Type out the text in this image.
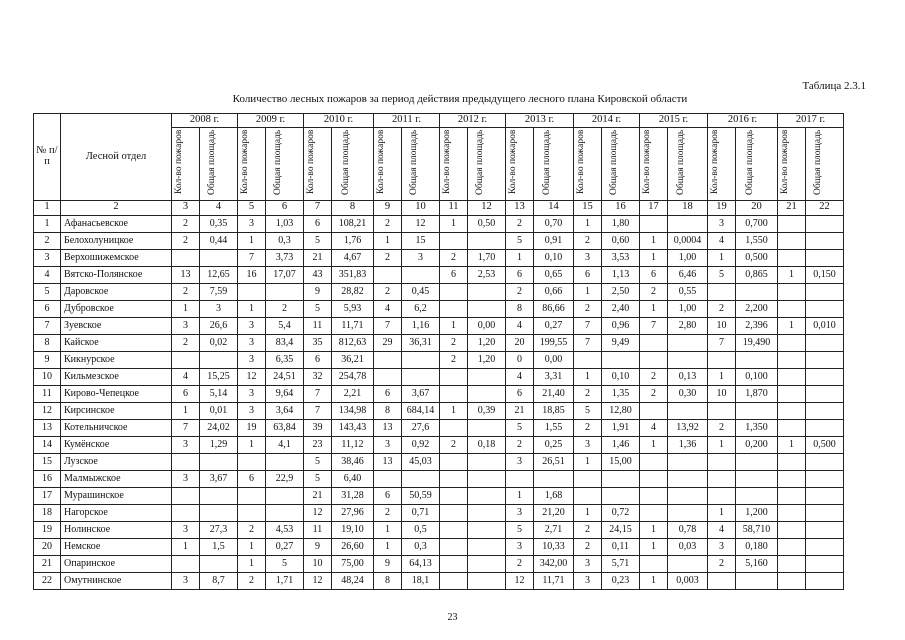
Таблица 2.3.1
Количество лесных пожаров за период действия предыдущего лесного плана Кировской области
№ п/п	Лесной отдел	2008 г.		2009 г.		2010 г.		2011 г.		2012 г.		2013 г.		2014 г.		2015 г.		2016 г.		2017 г.	
		Кол-во пожаров	Общая площадь	Кол-во пожаров	Общая площадь	Кол-во пожаров	Общая площадь	Кол-во пожаров	Общая площадь	Кол-во пожаров	Общая площадь	Кол-во пожаров	Общая площадь	Кол-во пожаров	Общая площадь	Кол-во пожаров	Общая площадь	Кол-во пожаров	Общая площадь	Кол-во пожаров	Общая площадь
1	2	3	4	5	6	7	8	9	10	11	12	13	14	15	16	17	18	19	20	21	22
1	Афанасьевское	2	0,35	3	1,03	6	108,21	2	12	1	0,50	2	0,70	1	1,80			3	0,700		
2	Белохолуницкое	2	0,44	1	0,3	5	1,76	1	15			5	0,91	2	0,60	1	0,0004	4	1,550		
3	Верхошижемское			7	3,73	21	4,67	2	3	2	1,70	1	0,10	3	3,53	1	1,00	1	0,500		
4	Вятско-Полянское	13	12,65	16	17,07	43	351,83			6	2,53	6	0,65	6	1,13	6	6,46	5	0,865	1	0,150
5	Даровское	2	7,59			9	28,82	2	0,45			2	0,66	1	2,50	2	0,55				
6	Дубровское	1	3	1	2	5	5,93	4	6,2			8	86,66	2	2,40	1	1,00	2	2,200		
7	Зуевское	3	26,6	3	5,4	11	11,71	7	1,16	1	0,00	4	0,27	7	0,96	7	2,80	10	2,396	1	0,010
8	Кайское	2	0,02	3	83,4	35	812,63	29	36,31	2	1,20	20	199,55	7	9,49			7	19,490		
9	Кикнурское			3	6,35	6	36,21			2	1,20	0	0,00								
10	Кильмезское	4	15,25	12	24,51	32	254,78					4	3,31	1	0,10	2	0,13	1	0,100		
11	Кирово-Чепецкое	6	5,14	3	9,64	7	2,21	6	3,67			6	21,40	2	1,35	2	0,30	10	1,870		
12	Кирсинское	1	0,01	3	3,64	7	134,98	8	684,14	1	0,39	21	18,85	5	12,80						
13	Котельничское	7	24,02	19	63,84	39	143,43	13	27,6			5	1,55	2	1,91	4	13,92	2	1,350		
14	Кумёнское	3	1,29	1	4,1	23	11,12	3	0,92	2	0,18	2	0,25	3	1,46	1	1,36	1	0,200	1	0,500
15	Лузское					5	38,46	13	45,03			3	26,51	1	15,00						
16	Малмыжское	3	3,67	6	22,9	5	6,40														
17	Мурашинское					21	31,28	6	50,59			1	1,68								
18	Нагорское					12	27,96	2	0,71			3	21,20	1	0,72			1	1,200		
19	Нолинское	3	27,3	2	4,53	11	19,10	1	0,5			5	2,71	2	24,15	1	0,78	4	58,710		
20	Немское	1	1,5	1	0,27	9	26,60	1	0,3			3	10,33	2	0,11	1	0,03	3	0,180		
21	Опаринское			1	5	10	75,00	9	64,13			2	342,00	3	5,71			2	5,160		
22	Омутнинское	3	8,7	2	1,71	12	48,24	8	18,1			12	11,71	3	0,23	1	0,003				
23
